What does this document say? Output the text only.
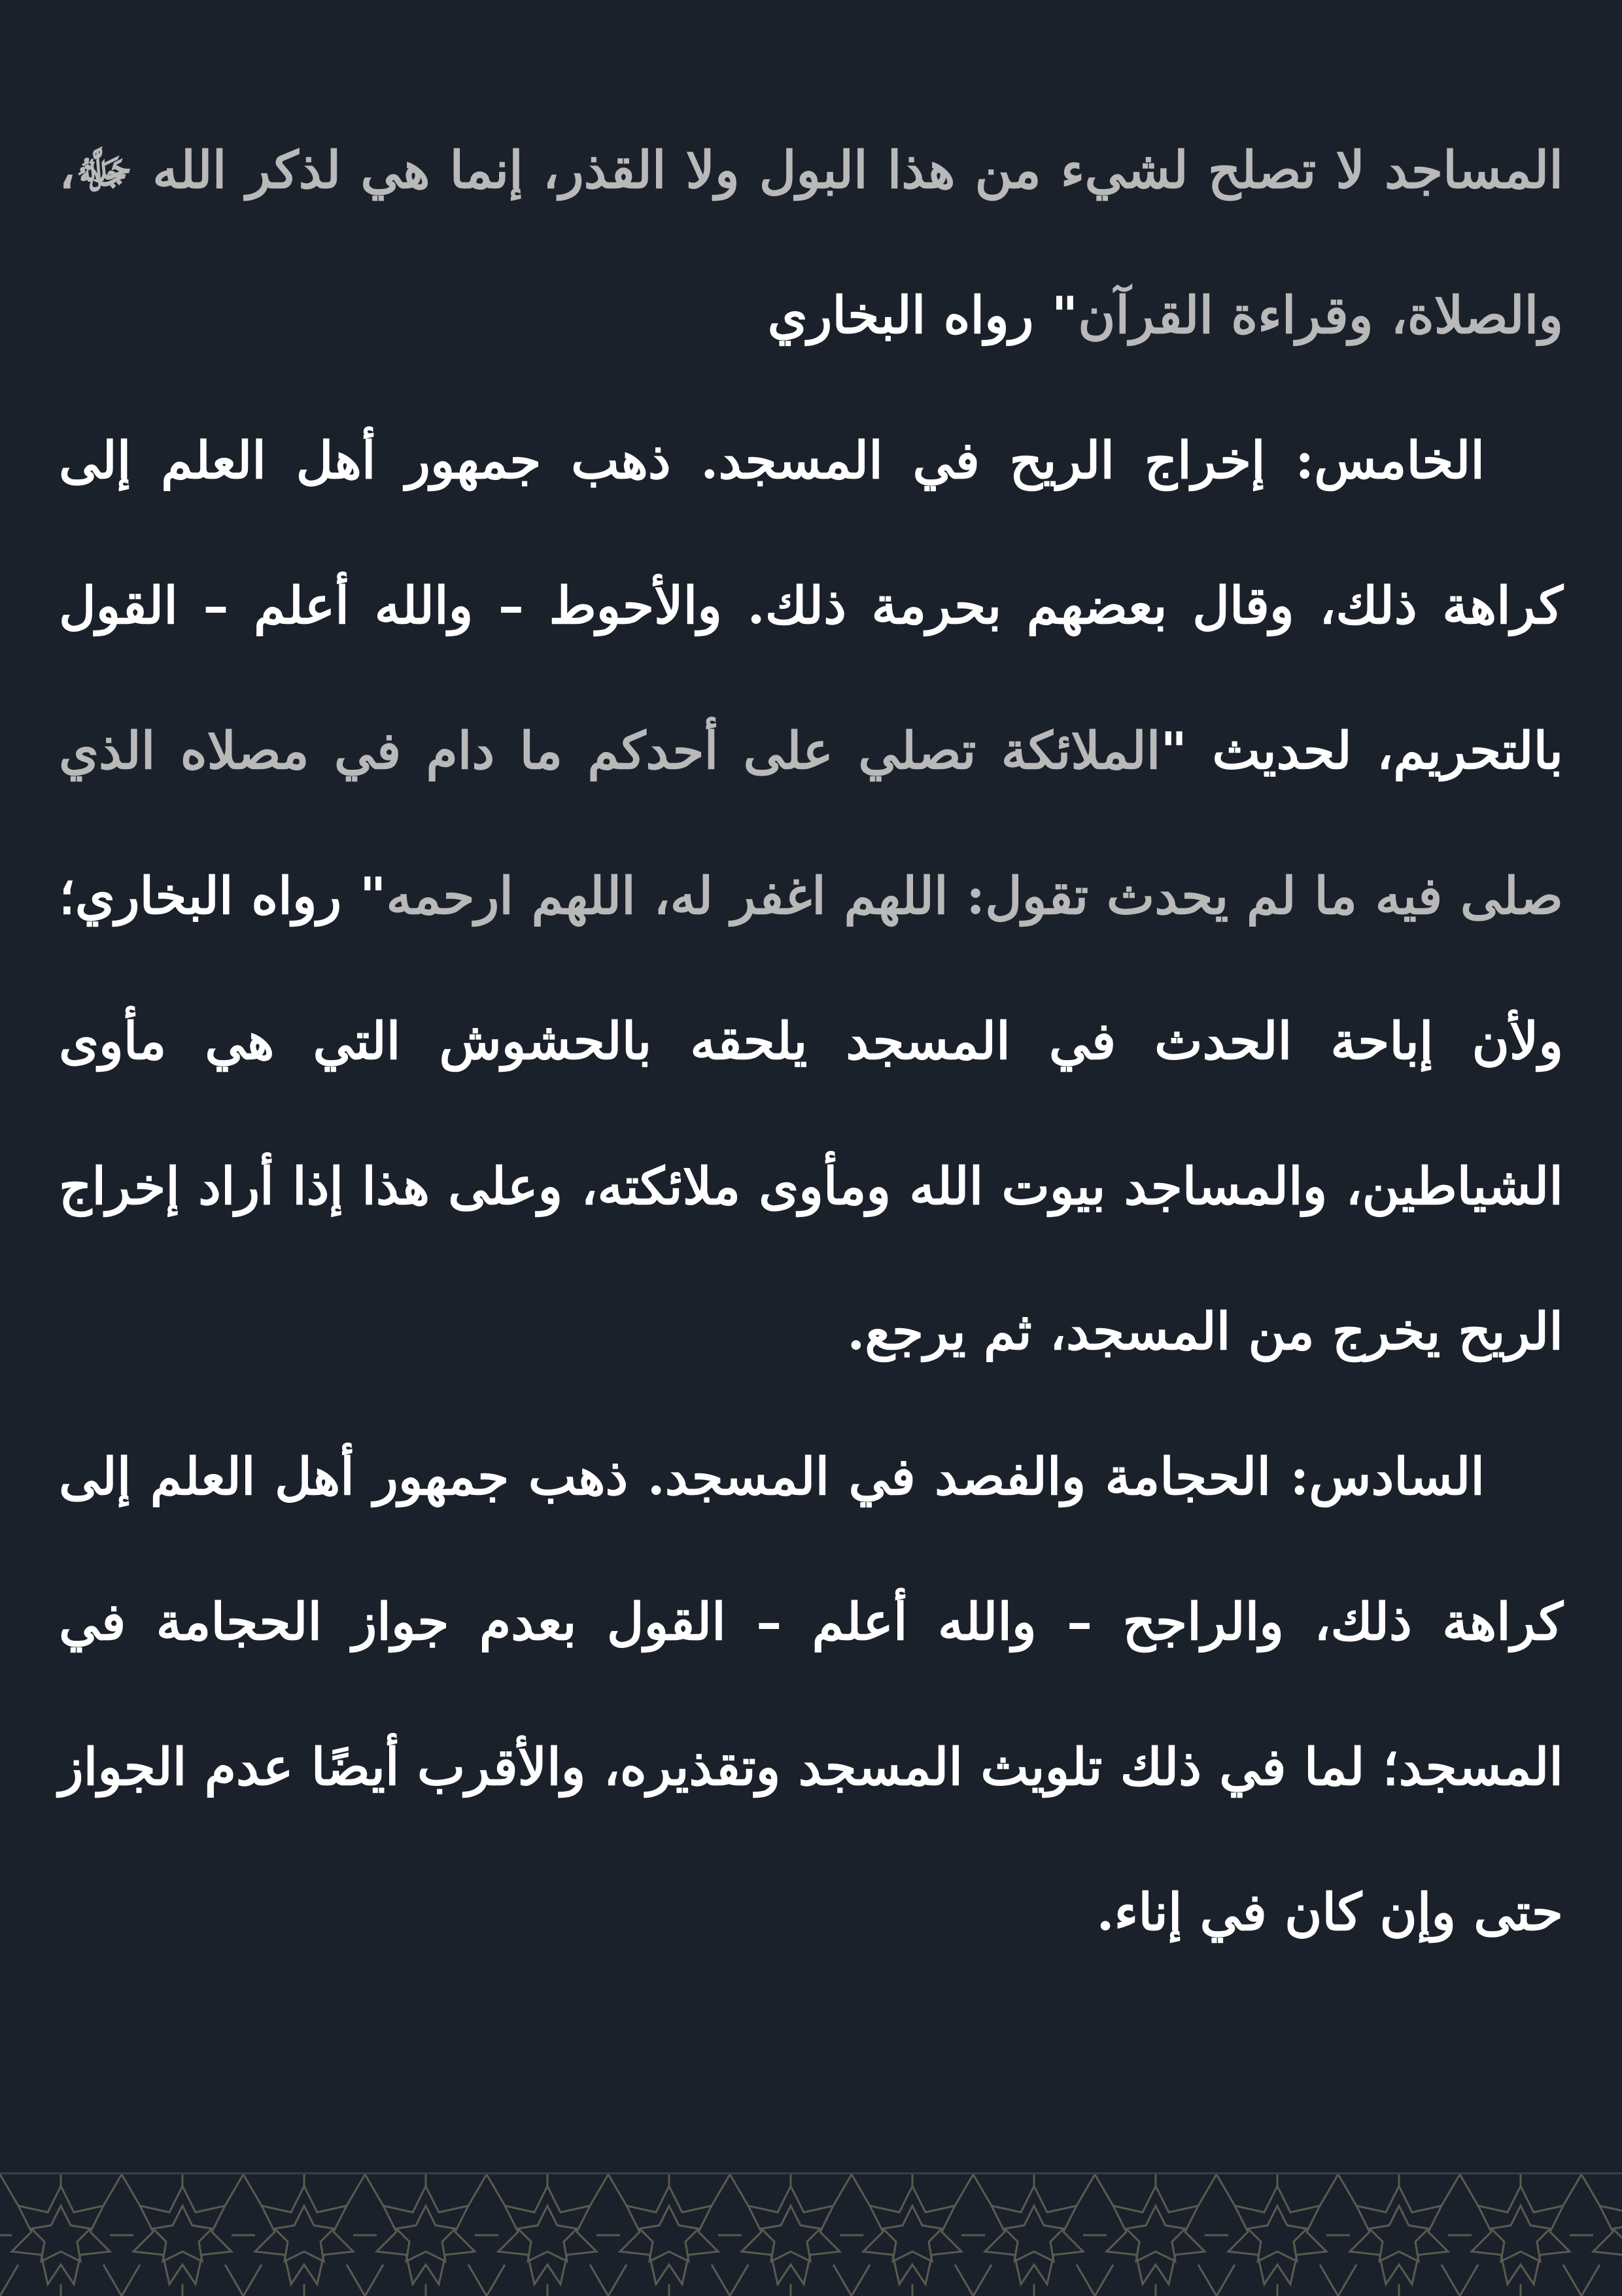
المساجد لا تصلح لشيء من هذا البول ولا القذر، إنما هي لذكر الله ﷻ، والصلاة، وقراءة القرآن" رواه البخاري

الخامس: إخراج الريح في المسجد. ذهب جمهور أهل العلم إلى كراهة ذلك، وقال بعضهم بحرمة ذلك. والأحوط – والله أعلم – القول بالتحريم، لحديث "الملائكة تصلي على أحدكم ما دام في مصلاه الذي صلى فيه ما لم يحدث تقول: اللهم اغفر له، اللهم ارحمه" رواه البخاري؛ ولأن إباحة الحدث في المسجد يلحقه بالحشوش التي هي مأوى الشياطين، والمساجد بيوت الله ومأوى ملائكته، وعلى هذا إذا أراد إخراج الريح يخرج من المسجد، ثم يرجع.

السادس: الحجامة والفصد في المسجد. ذهب جمهور أهل العلم إلى كراهة ذلك، والراجح – والله أعلم – القول بعدم جواز الحجامة في المسجد؛ لما في ذلك تلويث المسجد وتقذيره، والأقرب أيضًا عدم الجواز حتى وإن كان في إناء.
